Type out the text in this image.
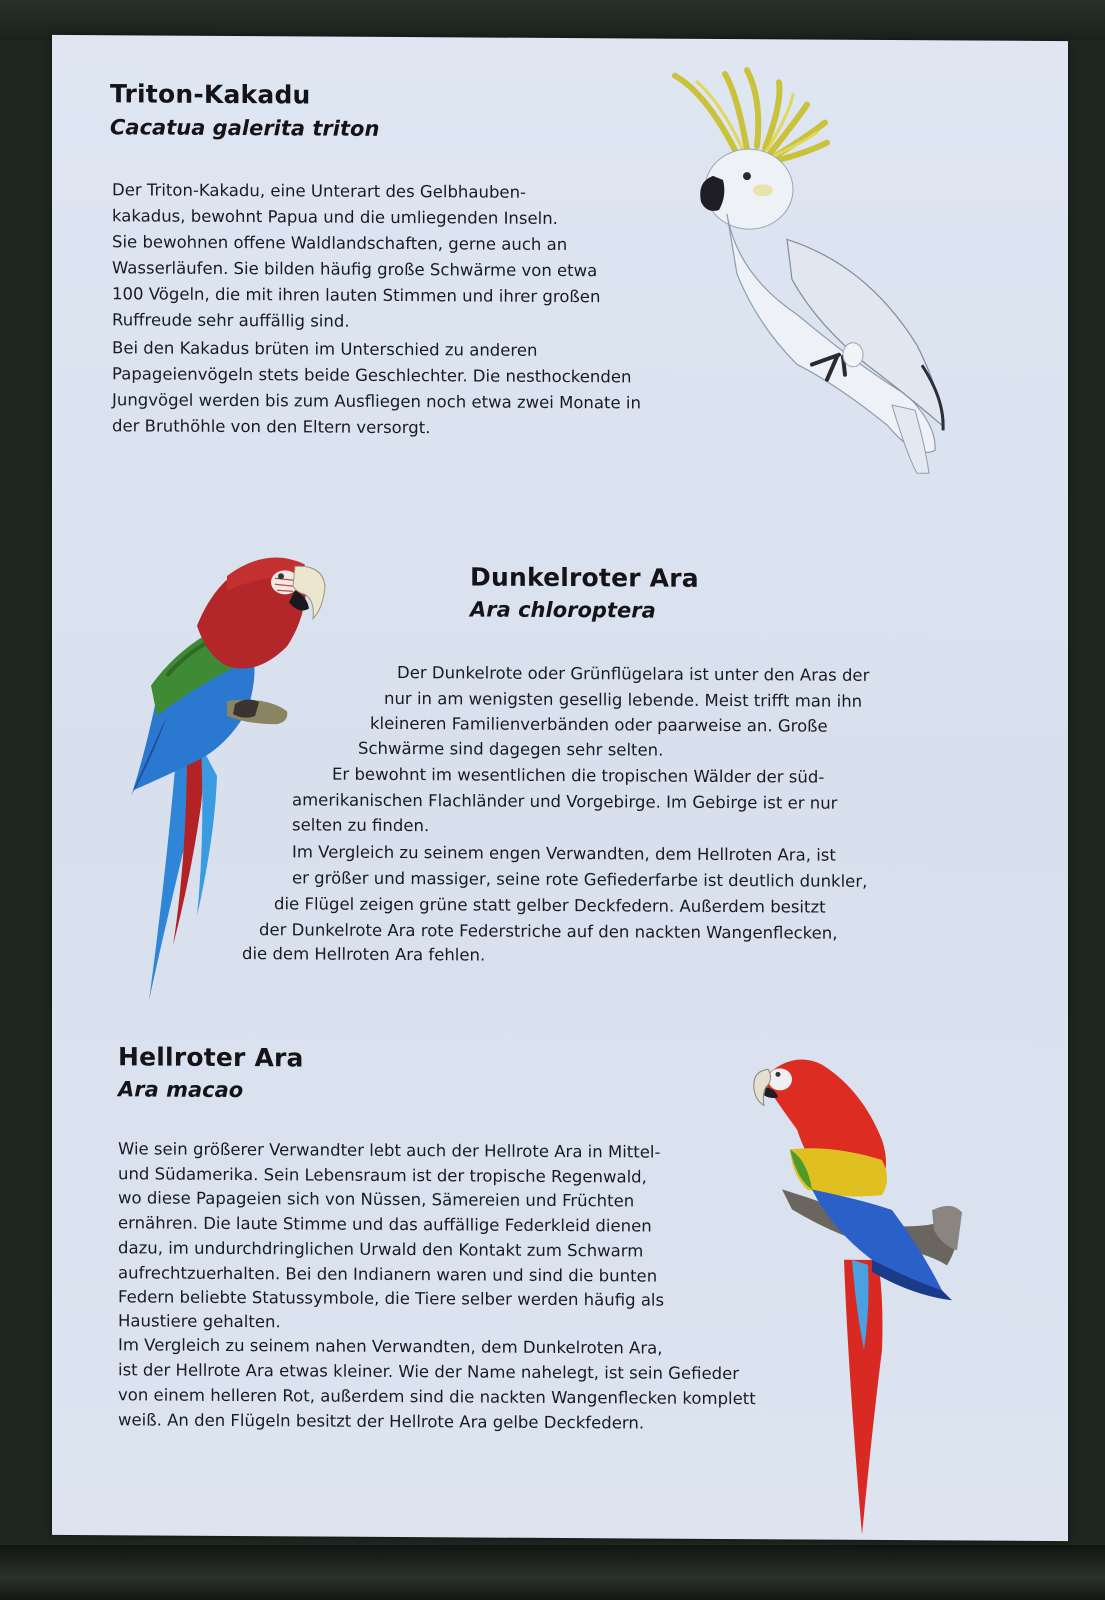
Triton-Kakadu
Cacatua galerita triton
Der Triton-Kakadu, eine Unterart des Gelbhauben-
kakadus, bewohnt Papua und die umliegenden Inseln.
Sie bewohnen offene Waldlandschaften, gerne auch an
Wasserläufen. Sie bilden häufig große Schwärme von etwa
100 Vögeln, die mit ihren lauten Stimmen und ihrer großen
Ruffreude sehr auffällig sind.
Bei den Kakadus brüten im Unterschied zu anderen
Papageienvögeln stets beide Geschlechter. Die nesthockenden
Jungvögel werden bis zum Ausfliegen noch etwa zwei Monate in
der Bruthöhle von den Eltern versorgt.
Dunkelroter Ara
Ara chloroptera
Der Dunkelrote oder Grünflügelara ist unter den Aras der
nur in am wenigsten gesellig lebende. Meist trifft man ihn
kleineren Familienverbänden oder paarweise an. Große
Schwärme sind dagegen sehr selten.
Er bewohnt im wesentlichen die tropischen Wälder der süd-
amerikanischen Flachländer und Vorgebirge. Im Gebirge ist er nur
selten zu finden.
Im Vergleich zu seinem engen Verwandten, dem Hellroten Ara, ist
er größer und massiger, seine rote Gefiederfarbe ist deutlich dunkler,
die Flügel zeigen grüne statt gelber Deckfedern. Außerdem besitzt
der Dunkelrote Ara rote Federstriche auf den nackten Wangenflecken,
die dem Hellroten Ara fehlen.
Hellroter Ara
Ara macao
Wie sein größerer Verwandter lebt auch der Hellrote Ara in Mittel-
und Südamerika. Sein Lebensraum ist der tropische Regenwald,
wo diese Papageien sich von Nüssen, Sämereien und Früchten
ernähren. Die laute Stimme und das auffällige Federkleid dienen
dazu, im undurchdringlichen Urwald den Kontakt zum Schwarm
aufrechtzuerhalten. Bei den Indianern waren und sind die bunten
Federn beliebte Statussymbole, die Tiere selber werden häufig als
Haustiere gehalten.
Im Vergleich zu seinem nahen Verwandten, dem Dunkelroten Ara,
ist der Hellrote Ara etwas kleiner. Wie der Name nahelegt, ist sein Gefieder
von einem helleren Rot, außerdem sind die nackten Wangenflecken komplett
weiß. An den Flügeln besitzt der Hellrote Ara gelbe Deckfedern.
